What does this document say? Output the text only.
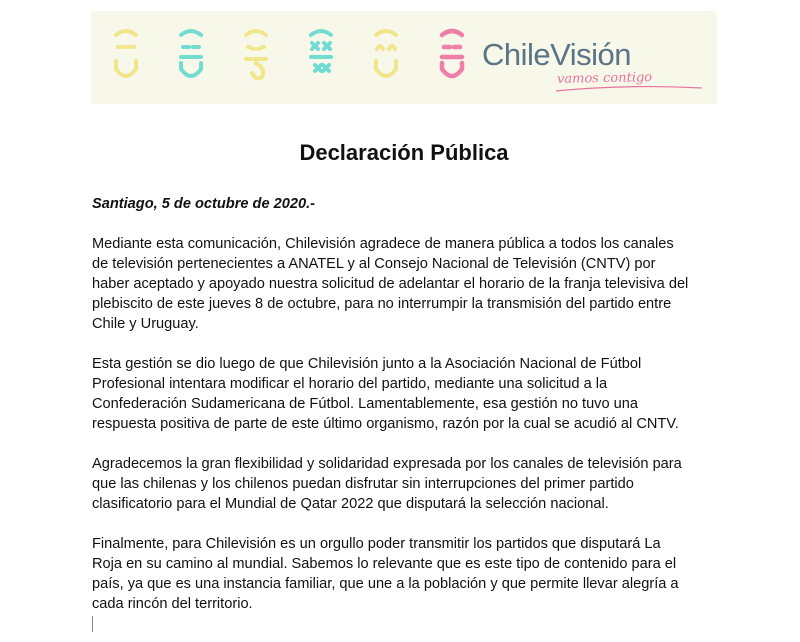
ChileVisión
vamos contigo
Declaración Pública
Santiago, 5 de octubre de 2020.-
Mediante esta comunicación, Chilevisión agradece de manera pública a todos los canales
de televisión pertenecientes a ANATEL y al Consejo Nacional de Televisión (CNTV) por
haber aceptado y apoyado nuestra solicitud de adelantar el horario de la franja televisiva del
plebiscito de este jueves 8 de octubre, para no interrumpir la transmisión del partido entre
Chile y Uruguay.
Esta gestión se dio luego de que Chilevisión junto a la Asociación Nacional de Fútbol
Profesional intentara modificar el horario del partido, mediante una solicitud a la
Confederación Sudamericana de Fútbol. Lamentablemente, esa gestión no tuvo una
respuesta positiva de parte de este último organismo, razón por la cual se acudió al CNTV.
Agradecemos la gran flexibilidad y solidaridad expresada por los canales de televisión para
que las chilenas y los chilenos puedan disfrutar sin interrupciones del primer partido
clasificatorio para el Mundial de Qatar 2022 que disputará la selección nacional.
Finalmente, para Chilevisión es un orgullo poder transmitir los partidos que disputará La
Roja en su camino al mundial. Sabemos lo relevante que es este tipo de contenido para el
país, ya que es una instancia familiar, que une a la población y que permite llevar alegría a
cada rincón del territorio.
